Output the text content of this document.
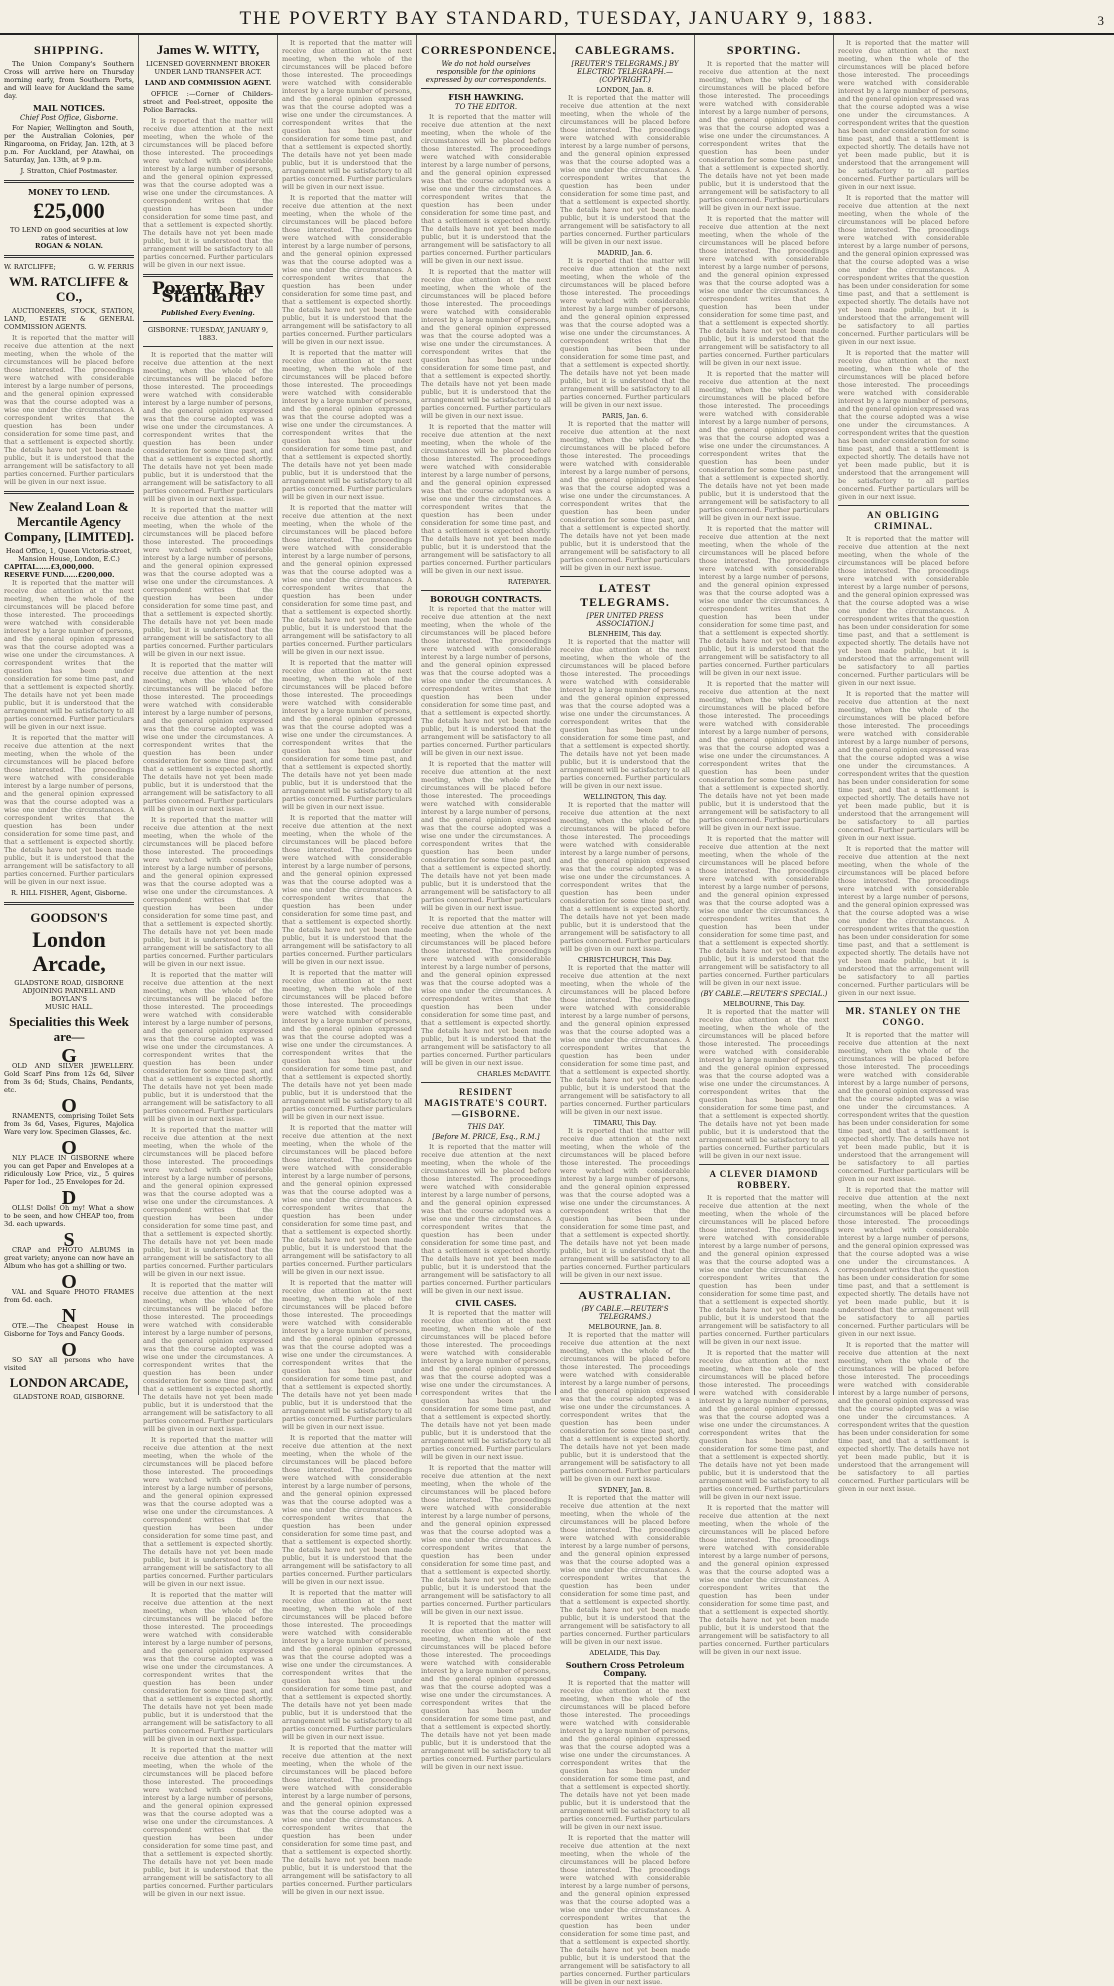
THE POVERTY BAY STANDARD, TUESDAY, JANUARY 9, 1883.	3
SHIPPING.
The Union Company's Southern Cross will arrive here on Thursday morning early, from Southern Ports, and will leave for Auckland the same day.
MAIL NOTICES.
Chief Post Office, Gisborne.
For Napier, Wellington and South, per the Australian Colonies, per Ringarooma, on Friday, Jan. 12th, at 3 p.m. For Auckland, per Atawhai, on Saturday, Jan. 13th, at 9 p.m.
J. Stratton, Chief Postmaster.
MONEY TO LEND.
£25,000
TO LEND on good securities at low rates of interest.
ROGAN & NOLAN.
W. RATCLIFFE;	G. W. FERRIS
WM. RATCLIFFE & CO.,
AUCTIONEERS, STOCK, STATION, LAND, ESTATE & GENERAL COMMISSION AGENTS.
It is reported that the matter will receive due attention at the next meeting, when the whole of the circumstances will be placed before those interested. The proceedings were watched with considerable interest by a large number of persons, and the general opinion expressed was that the course adopted was a wise one under the circumstances. A correspondent writes that the question has been under consideration for some time past, and that a settlement is expected shortly. The details have not yet been made public, but it is understood that the arrangement will be satisfactory to all parties concerned. Further particulars will be given in our next issue.
New Zealand Loan & Mercantile Agency Company, [LIMITED].
Head Office, 1, Queen Victoria-street, Mansion House, London, E.C.)
CAPITAL......£3,000,000.
RESERVE FUND......£200,000.
It is reported that the matter will receive due attention at the next meeting, when the whole of the circumstances will be placed before those interested. The proceedings were watched with considerable interest by a large number of persons, and the general opinion expressed was that the course adopted was a wise one under the circumstances. A correspondent writes that the question has been under consideration for some time past, and that a settlement is expected shortly. The details have not yet been made public, but it is understood that the arrangement will be satisfactory to all parties concerned. Further particulars will be given in our next issue.
It is reported that the matter will receive due attention at the next meeting, when the whole of the circumstances will be placed before those interested. The proceedings were watched with considerable interest by a large number of persons, and the general opinion expressed was that the course adopted was a wise one under the circumstances. A correspondent writes that the question has been under consideration for some time past, and that a settlement is expected shortly. The details have not yet been made public, but it is understood that the arrangement will be satisfactory to all parties concerned. Further particulars will be given in our next issue.
R. HILL FISHER, Agent, Gisborne.
GOODSON'S
London Arcade,
GLADSTONE ROAD, GISBORNE
ADJOINING PARNELL AND BOYLAN'S
MUSIC HALL.
Specialities this Week are—
G
OLD AND SILVER JEWELLERY. Gold Scarf Pins from 12s 6d, Silver from 3s 6d; Studs, Chains, Pendants, etc.
O
RNAMENTS, comprising Toilet Sets from 3s 6d, Vases, Figures, Majolica Ware very low. Specimen Glasses, &c.
O
NLY PLACE IN GISBORNE where you can get Paper and Envelopes at a ridiculously Low Price, viz., 5 quires Paper for 1od., 25 Envelopes for 2d.
D
OLLS! Dolls! Oh my! What a show to be seen, and how CHEAP too, from 3d. each upwards.
S
CRAP and PHOTO ALBUMS in great variety; anyone can now have an Album who has got a shilling or two.
O
VAL and Square PHOTO FRAMES from 6d. each.
N
OTE.—The Cheapest House in Gisborne for Toys and Fancy Goods.
O
SO SAY all persons who have visited
LONDON ARCADE,
GLADSTONE ROAD, GISBORNE.
James W. WITTY,
LICENSED GOVERNMENT BROKER UNDER LAND TRANSFER ACT.
LAND AND COMMISSION AGENT.
OFFICE :—Corner of Childers-street and Peel-street, opposite the Police Barracks.
It is reported that the matter will receive due attention at the next meeting, when the whole of the circumstances will be placed before those interested. The proceedings were watched with considerable interest by a large number of persons, and the general opinion expressed was that the course adopted was a wise one under the circumstances. A correspondent writes that the question has been under consideration for some time past, and that a settlement is expected shortly. The details have not yet been made public, but it is understood that the arrangement will be satisfactory to all parties concerned. Further particulars will be given in our next issue.
Poverty Bay Standard.
Published Every Evening.
GISBORNE: TUESDAY, JANUARY 9, 1883.
It is reported that the matter will receive due attention at the next meeting, when the whole of the circumstances will be placed before those interested. The proceedings were watched with considerable interest by a large number of persons, and the general opinion expressed was that the course adopted was a wise one under the circumstances. A correspondent writes that the question has been under consideration for some time past, and that a settlement is expected shortly. The details have not yet been made public, but it is understood that the arrangement will be satisfactory to all parties concerned. Further particulars will be given in our next issue.
It is reported that the matter will receive due attention at the next meeting, when the whole of the circumstances will be placed before those interested. The proceedings were watched with considerable interest by a large number of persons, and the general opinion expressed was that the course adopted was a wise one under the circumstances. A correspondent writes that the question has been under consideration for some time past, and that a settlement is expected shortly. The details have not yet been made public, but it is understood that the arrangement will be satisfactory to all parties concerned. Further particulars will be given in our next issue.
It is reported that the matter will receive due attention at the next meeting, when the whole of the circumstances will be placed before those interested. The proceedings were watched with considerable interest by a large number of persons, and the general opinion expressed was that the course adopted was a wise one under the circumstances. A correspondent writes that the question has been under consideration for some time past, and that a settlement is expected shortly. The details have not yet been made public, but it is understood that the arrangement will be satisfactory to all parties concerned. Further particulars will be given in our next issue.
It is reported that the matter will receive due attention at the next meeting, when the whole of the circumstances will be placed before those interested. The proceedings were watched with considerable interest by a large number of persons, and the general opinion expressed was that the course adopted was a wise one under the circumstances. A correspondent writes that the question has been under consideration for some time past, and that a settlement is expected shortly. The details have not yet been made public, but it is understood that the arrangement will be satisfactory to all parties concerned. Further particulars will be given in our next issue.
It is reported that the matter will receive due attention at the next meeting, when the whole of the circumstances will be placed before those interested. The proceedings were watched with considerable interest by a large number of persons, and the general opinion expressed was that the course adopted was a wise one under the circumstances. A correspondent writes that the question has been under consideration for some time past, and that a settlement is expected shortly. The details have not yet been made public, but it is understood that the arrangement will be satisfactory to all parties concerned. Further particulars will be given in our next issue.
It is reported that the matter will receive due attention at the next meeting, when the whole of the circumstances will be placed before those interested. The proceedings were watched with considerable interest by a large number of persons, and the general opinion expressed was that the course adopted was a wise one under the circumstances. A correspondent writes that the question has been under consideration for some time past, and that a settlement is expected shortly. The details have not yet been made public, but it is understood that the arrangement will be satisfactory to all parties concerned. Further particulars will be given in our next issue.
It is reported that the matter will receive due attention at the next meeting, when the whole of the circumstances will be placed before those interested. The proceedings were watched with considerable interest by a large number of persons, and the general opinion expressed was that the course adopted was a wise one under the circumstances. A correspondent writes that the question has been under consideration for some time past, and that a settlement is expected shortly. The details have not yet been made public, but it is understood that the arrangement will be satisfactory to all parties concerned. Further particulars will be given in our next issue.
It is reported that the matter will receive due attention at the next meeting, when the whole of the circumstances will be placed before those interested. The proceedings were watched with considerable interest by a large number of persons, and the general opinion expressed was that the course adopted was a wise one under the circumstances. A correspondent writes that the question has been under consideration for some time past, and that a settlement is expected shortly. The details have not yet been made public, but it is understood that the arrangement will be satisfactory to all parties concerned. Further particulars will be given in our next issue.
It is reported that the matter will receive due attention at the next meeting, when the whole of the circumstances will be placed before those interested. The proceedings were watched with considerable interest by a large number of persons, and the general opinion expressed was that the course adopted was a wise one under the circumstances. A correspondent writes that the question has been under consideration for some time past, and that a settlement is expected shortly. The details have not yet been made public, but it is understood that the arrangement will be satisfactory to all parties concerned. Further particulars will be given in our next issue.
It is reported that the matter will receive due attention at the next meeting, when the whole of the circumstances will be placed before those interested. The proceedings were watched with considerable interest by a large number of persons, and the general opinion expressed was that the course adopted was a wise one under the circumstances. A correspondent writes that the question has been under consideration for some time past, and that a settlement is expected shortly. The details have not yet been made public, but it is understood that the arrangement will be satisfactory to all parties concerned. Further particulars will be given in our next issue.
It is reported that the matter will receive due attention at the next meeting, when the whole of the circumstances will be placed before those interested. The proceedings were watched with considerable interest by a large number of persons, and the general opinion expressed was that the course adopted was a wise one under the circumstances. A correspondent writes that the question has been under consideration for some time past, and that a settlement is expected shortly. The details have not yet been made public, but it is understood that the arrangement will be satisfactory to all parties concerned. Further particulars will be given in our next issue.
It is reported that the matter will receive due attention at the next meeting, when the whole of the circumstances will be placed before those interested. The proceedings were watched with considerable interest by a large number of persons, and the general opinion expressed was that the course adopted was a wise one under the circumstances. A correspondent writes that the question has been under consideration for some time past, and that a settlement is expected shortly. The details have not yet been made public, but it is understood that the arrangement will be satisfactory to all parties concerned. Further particulars will be given in our next issue.
It is reported that the matter will receive due attention at the next meeting, when the whole of the circumstances will be placed before those interested. The proceedings were watched with considerable interest by a large number of persons, and the general opinion expressed was that the course adopted was a wise one under the circumstances. A correspondent writes that the question has been under consideration for some time past, and that a settlement is expected shortly. The details have not yet been made public, but it is understood that the arrangement will be satisfactory to all parties concerned. Further particulars will be given in our next issue.
It is reported that the matter will receive due attention at the next meeting, when the whole of the circumstances will be placed before those interested. The proceedings were watched with considerable interest by a large number of persons, and the general opinion expressed was that the course adopted was a wise one under the circumstances. A correspondent writes that the question has been under consideration for some time past, and that a settlement is expected shortly. The details have not yet been made public, but it is understood that the arrangement will be satisfactory to all parties concerned. Further particulars will be given in our next issue.
It is reported that the matter will receive due attention at the next meeting, when the whole of the circumstances will be placed before those interested. The proceedings were watched with considerable interest by a large number of persons, and the general opinion expressed was that the course adopted was a wise one under the circumstances. A correspondent writes that the question has been under consideration for some time past, and that a settlement is expected shortly. The details have not yet been made public, but it is understood that the arrangement will be satisfactory to all parties concerned. Further particulars will be given in our next issue.
It is reported that the matter will receive due attention at the next meeting, when the whole of the circumstances will be placed before those interested. The proceedings were watched with considerable interest by a large number of persons, and the general opinion expressed was that the course adopted was a wise one under the circumstances. A correspondent writes that the question has been under consideration for some time past, and that a settlement is expected shortly. The details have not yet been made public, but it is understood that the arrangement will be satisfactory to all parties concerned. Further particulars will be given in our next issue.
It is reported that the matter will receive due attention at the next meeting, when the whole of the circumstances will be placed before those interested. The proceedings were watched with considerable interest by a large number of persons, and the general opinion expressed was that the course adopted was a wise one under the circumstances. A correspondent writes that the question has been under consideration for some time past, and that a settlement is expected shortly. The details have not yet been made public, but it is understood that the arrangement will be satisfactory to all parties concerned. Further particulars will be given in our next issue.
It is reported that the matter will receive due attention at the next meeting, when the whole of the circumstances will be placed before those interested. The proceedings were watched with considerable interest by a large number of persons, and the general opinion expressed was that the course adopted was a wise one under the circumstances. A correspondent writes that the question has been under consideration for some time past, and that a settlement is expected shortly. The details have not yet been made public, but it is understood that the arrangement will be satisfactory to all parties concerned. Further particulars will be given in our next issue.
It is reported that the matter will receive due attention at the next meeting, when the whole of the circumstances will be placed before those interested. The proceedings were watched with considerable interest by a large number of persons, and the general opinion expressed was that the course adopted was a wise one under the circumstances. A correspondent writes that the question has been under consideration for some time past, and that a settlement is expected shortly. The details have not yet been made public, but it is understood that the arrangement will be satisfactory to all parties concerned. Further particulars will be given in our next issue.
It is reported that the matter will receive due attention at the next meeting, when the whole of the circumstances will be placed before those interested. The proceedings were watched with considerable interest by a large number of persons, and the general opinion expressed was that the course adopted was a wise one under the circumstances. A correspondent writes that the question has been under consideration for some time past, and that a settlement is expected shortly. The details have not yet been made public, but it is understood that the arrangement will be satisfactory to all parties concerned. Further particulars will be given in our next issue.
It is reported that the matter will receive due attention at the next meeting, when the whole of the circumstances will be placed before those interested. The proceedings were watched with considerable interest by a large number of persons, and the general opinion expressed was that the course adopted was a wise one under the circumstances. A correspondent writes that the question has been under consideration for some time past, and that a settlement is expected shortly. The details have not yet been made public, but it is understood that the arrangement will be satisfactory to all parties concerned. Further particulars will be given in our next issue.
It is reported that the matter will receive due attention at the next meeting, when the whole of the circumstances will be placed before those interested. The proceedings were watched with considerable interest by a large number of persons, and the general opinion expressed was that the course adopted was a wise one under the circumstances. A correspondent writes that the question has been under consideration for some time past, and that a settlement is expected shortly. The details have not yet been made public, but it is understood that the arrangement will be satisfactory to all parties concerned. Further particulars will be given in our next issue.
CORRESPONDENCE.
We do not hold ourselves responsible for the opinions expressed by our correspondents.
FISH HAWKING.
TO THE EDITOR.
It is reported that the matter will receive due attention at the next meeting, when the whole of the circumstances will be placed before those interested. The proceedings were watched with considerable interest by a large number of persons, and the general opinion expressed was that the course adopted was a wise one under the circumstances. A correspondent writes that the question has been under consideration for some time past, and that a settlement is expected shortly. The details have not yet been made public, but it is understood that the arrangement will be satisfactory to all parties concerned. Further particulars will be given in our next issue.
It is reported that the matter will receive due attention at the next meeting, when the whole of the circumstances will be placed before those interested. The proceedings were watched with considerable interest by a large number of persons, and the general opinion expressed was that the course adopted was a wise one under the circumstances. A correspondent writes that the question has been under consideration for some time past, and that a settlement is expected shortly. The details have not yet been made public, but it is understood that the arrangement will be satisfactory to all parties concerned. Further particulars will be given in our next issue.
It is reported that the matter will receive due attention at the next meeting, when the whole of the circumstances will be placed before those interested. The proceedings were watched with considerable interest by a large number of persons, and the general opinion expressed was that the course adopted was a wise one under the circumstances. A correspondent writes that the question has been under consideration for some time past, and that a settlement is expected shortly. The details have not yet been made public, but it is understood that the arrangement will be satisfactory to all parties concerned. Further particulars will be given in our next issue.
RATEPAYER.
BOROUGH CONTRACTS.
It is reported that the matter will receive due attention at the next meeting, when the whole of the circumstances will be placed before those interested. The proceedings were watched with considerable interest by a large number of persons, and the general opinion expressed was that the course adopted was a wise one under the circumstances. A correspondent writes that the question has been under consideration for some time past, and that a settlement is expected shortly. The details have not yet been made public, but it is understood that the arrangement will be satisfactory to all parties concerned. Further particulars will be given in our next issue.
It is reported that the matter will receive due attention at the next meeting, when the whole of the circumstances will be placed before those interested. The proceedings were watched with considerable interest by a large number of persons, and the general opinion expressed was that the course adopted was a wise one under the circumstances. A correspondent writes that the question has been under consideration for some time past, and that a settlement is expected shortly. The details have not yet been made public, but it is understood that the arrangement will be satisfactory to all parties concerned. Further particulars will be given in our next issue.
It is reported that the matter will receive due attention at the next meeting, when the whole of the circumstances will be placed before those interested. The proceedings were watched with considerable interest by a large number of persons, and the general opinion expressed was that the course adopted was a wise one under the circumstances. A correspondent writes that the question has been under consideration for some time past, and that a settlement is expected shortly. The details have not yet been made public, but it is understood that the arrangement will be satisfactory to all parties concerned. Further particulars will be given in our next issue.
CHARLES McDAVITT.
RESIDENT MAGISTRATE'S COURT.—GISBORNE.
THIS DAY.
[Before M. PRICE, Esq., R.M.]
It is reported that the matter will receive due attention at the next meeting, when the whole of the circumstances will be placed before those interested. The proceedings were watched with considerable interest by a large number of persons, and the general opinion expressed was that the course adopted was a wise one under the circumstances. A correspondent writes that the question has been under consideration for some time past, and that a settlement is expected shortly. The details have not yet been made public, but it is understood that the arrangement will be satisfactory to all parties concerned. Further particulars will be given in our next issue.
CIVIL CASES.
It is reported that the matter will receive due attention at the next meeting, when the whole of the circumstances will be placed before those interested. The proceedings were watched with considerable interest by a large number of persons, and the general opinion expressed was that the course adopted was a wise one under the circumstances. A correspondent writes that the question has been under consideration for some time past, and that a settlement is expected shortly. The details have not yet been made public, but it is understood that the arrangement will be satisfactory to all parties concerned. Further particulars will be given in our next issue.
It is reported that the matter will receive due attention at the next meeting, when the whole of the circumstances will be placed before those interested. The proceedings were watched with considerable interest by a large number of persons, and the general opinion expressed was that the course adopted was a wise one under the circumstances. A correspondent writes that the question has been under consideration for some time past, and that a settlement is expected shortly. The details have not yet been made public, but it is understood that the arrangement will be satisfactory to all parties concerned. Further particulars will be given in our next issue.
It is reported that the matter will receive due attention at the next meeting, when the whole of the circumstances will be placed before those interested. The proceedings were watched with considerable interest by a large number of persons, and the general opinion expressed was that the course adopted was a wise one under the circumstances. A correspondent writes that the question has been under consideration for some time past, and that a settlement is expected shortly. The details have not yet been made public, but it is understood that the arrangement will be satisfactory to all parties concerned. Further particulars will be given in our next issue.
CABLEGRAMS.
[REUTER'S TELEGRAMS.] BY ELECTRIC TELEGRAPH.—(COPYRIGHT.)
LONDON, Jan. 8.
It is reported that the matter will receive due attention at the next meeting, when the whole of the circumstances will be placed before those interested. The proceedings were watched with considerable interest by a large number of persons, and the general opinion expressed was that the course adopted was a wise one under the circumstances. A correspondent writes that the question has been under consideration for some time past, and that a settlement is expected shortly. The details have not yet been made public, but it is understood that the arrangement will be satisfactory to all parties concerned. Further particulars will be given in our next issue.
MADRID, Jan. 6.
It is reported that the matter will receive due attention at the next meeting, when the whole of the circumstances will be placed before those interested. The proceedings were watched with considerable interest by a large number of persons, and the general opinion expressed was that the course adopted was a wise one under the circumstances. A correspondent writes that the question has been under consideration for some time past, and that a settlement is expected shortly. The details have not yet been made public, but it is understood that the arrangement will be satisfactory to all parties concerned. Further particulars will be given in our next issue.
PARIS, Jan. 6.
It is reported that the matter will receive due attention at the next meeting, when the whole of the circumstances will be placed before those interested. The proceedings were watched with considerable interest by a large number of persons, and the general opinion expressed was that the course adopted was a wise one under the circumstances. A correspondent writes that the question has been under consideration for some time past, and that a settlement is expected shortly. The details have not yet been made public, but it is understood that the arrangement will be satisfactory to all parties concerned. Further particulars will be given in our next issue.
LATEST TELEGRAMS.
[PER UNITED PRESS ASSOCIATION.]
BLENHEIM, This day.
It is reported that the matter will receive due attention at the next meeting, when the whole of the circumstances will be placed before those interested. The proceedings were watched with considerable interest by a large number of persons, and the general opinion expressed was that the course adopted was a wise one under the circumstances. A correspondent writes that the question has been under consideration for some time past, and that a settlement is expected shortly. The details have not yet been made public, but it is understood that the arrangement will be satisfactory to all parties concerned. Further particulars will be given in our next issue.
WELLINGTON, This day.
It is reported that the matter will receive due attention at the next meeting, when the whole of the circumstances will be placed before those interested. The proceedings were watched with considerable interest by a large number of persons, and the general opinion expressed was that the course adopted was a wise one under the circumstances. A correspondent writes that the question has been under consideration for some time past, and that a settlement is expected shortly. The details have not yet been made public, but it is understood that the arrangement will be satisfactory to all parties concerned. Further particulars will be given in our next issue.
CHRISTCHURCH, This Day.
It is reported that the matter will receive due attention at the next meeting, when the whole of the circumstances will be placed before those interested. The proceedings were watched with considerable interest by a large number of persons, and the general opinion expressed was that the course adopted was a wise one under the circumstances. A correspondent writes that the question has been under consideration for some time past, and that a settlement is expected shortly. The details have not yet been made public, but it is understood that the arrangement will be satisfactory to all parties concerned. Further particulars will be given in our next issue.
TIMARU, This Day.
It is reported that the matter will receive due attention at the next meeting, when the whole of the circumstances will be placed before those interested. The proceedings were watched with considerable interest by a large number of persons, and the general opinion expressed was that the course adopted was a wise one under the circumstances. A correspondent writes that the question has been under consideration for some time past, and that a settlement is expected shortly. The details have not yet been made public, but it is understood that the arrangement will be satisfactory to all parties concerned. Further particulars will be given in our next issue.
AUSTRALIAN.
(BY CABLE.—REUTER'S TELEGRAMS.)
MELBOURNE, Jan. 8.
It is reported that the matter will receive due attention at the next meeting, when the whole of the circumstances will be placed before those interested. The proceedings were watched with considerable interest by a large number of persons, and the general opinion expressed was that the course adopted was a wise one under the circumstances. A correspondent writes that the question has been under consideration for some time past, and that a settlement is expected shortly. The details have not yet been made public, but it is understood that the arrangement will be satisfactory to all parties concerned. Further particulars will be given in our next issue.
SYDNEY, Jan. 8.
It is reported that the matter will receive due attention at the next meeting, when the whole of the circumstances will be placed before those interested. The proceedings were watched with considerable interest by a large number of persons, and the general opinion expressed was that the course adopted was a wise one under the circumstances. A correspondent writes that the question has been under consideration for some time past, and that a settlement is expected shortly. The details have not yet been made public, but it is understood that the arrangement will be satisfactory to all parties concerned. Further particulars will be given in our next issue.
ADELAIDE, This Day.
Southern Cross Petroleum Company.
It is reported that the matter will receive due attention at the next meeting, when the whole of the circumstances will be placed before those interested. The proceedings were watched with considerable interest by a large number of persons, and the general opinion expressed was that the course adopted was a wise one under the circumstances. A correspondent writes that the question has been under consideration for some time past, and that a settlement is expected shortly. The details have not yet been made public, but it is understood that the arrangement will be satisfactory to all parties concerned. Further particulars will be given in our next issue.
It is reported that the matter will receive due attention at the next meeting, when the whole of the circumstances will be placed before those interested. The proceedings were watched with considerable interest by a large number of persons, and the general opinion expressed was that the course adopted was a wise one under the circumstances. A correspondent writes that the question has been under consideration for some time past, and that a settlement is expected shortly. The details have not yet been made public, but it is understood that the arrangement will be satisfactory to all parties concerned. Further particulars will be given in our next issue.
SPORTING.
It is reported that the matter will receive due attention at the next meeting, when the whole of the circumstances will be placed before those interested. The proceedings were watched with considerable interest by a large number of persons, and the general opinion expressed was that the course adopted was a wise one under the circumstances. A correspondent writes that the question has been under consideration for some time past, and that a settlement is expected shortly. The details have not yet been made public, but it is understood that the arrangement will be satisfactory to all parties concerned. Further particulars will be given in our next issue.
It is reported that the matter will receive due attention at the next meeting, when the whole of the circumstances will be placed before those interested. The proceedings were watched with considerable interest by a large number of persons, and the general opinion expressed was that the course adopted was a wise one under the circumstances. A correspondent writes that the question has been under consideration for some time past, and that a settlement is expected shortly. The details have not yet been made public, but it is understood that the arrangement will be satisfactory to all parties concerned. Further particulars will be given in our next issue.
It is reported that the matter will receive due attention at the next meeting, when the whole of the circumstances will be placed before those interested. The proceedings were watched with considerable interest by a large number of persons, and the general opinion expressed was that the course adopted was a wise one under the circumstances. A correspondent writes that the question has been under consideration for some time past, and that a settlement is expected shortly. The details have not yet been made public, but it is understood that the arrangement will be satisfactory to all parties concerned. Further particulars will be given in our next issue.
It is reported that the matter will receive due attention at the next meeting, when the whole of the circumstances will be placed before those interested. The proceedings were watched with considerable interest by a large number of persons, and the general opinion expressed was that the course adopted was a wise one under the circumstances. A correspondent writes that the question has been under consideration for some time past, and that a settlement is expected shortly. The details have not yet been made public, but it is understood that the arrangement will be satisfactory to all parties concerned. Further particulars will be given in our next issue.
It is reported that the matter will receive due attention at the next meeting, when the whole of the circumstances will be placed before those interested. The proceedings were watched with considerable interest by a large number of persons, and the general opinion expressed was that the course adopted was a wise one under the circumstances. A correspondent writes that the question has been under consideration for some time past, and that a settlement is expected shortly. The details have not yet been made public, but it is understood that the arrangement will be satisfactory to all parties concerned. Further particulars will be given in our next issue.
It is reported that the matter will receive due attention at the next meeting, when the whole of the circumstances will be placed before those interested. The proceedings were watched with considerable interest by a large number of persons, and the general opinion expressed was that the course adopted was a wise one under the circumstances. A correspondent writes that the question has been under consideration for some time past, and that a settlement is expected shortly. The details have not yet been made public, but it is understood that the arrangement will be satisfactory to all parties concerned. Further particulars will be given in our next issue.
(BY CABLE.—REUTER'S SPECIAL.)
MELBOURNE, This Day.
It is reported that the matter will receive due attention at the next meeting, when the whole of the circumstances will be placed before those interested. The proceedings were watched with considerable interest by a large number of persons, and the general opinion expressed was that the course adopted was a wise one under the circumstances. A correspondent writes that the question has been under consideration for some time past, and that a settlement is expected shortly. The details have not yet been made public, but it is understood that the arrangement will be satisfactory to all parties concerned. Further particulars will be given in our next issue.
A CLEVER DIAMOND ROBBERY.
It is reported that the matter will receive due attention at the next meeting, when the whole of the circumstances will be placed before those interested. The proceedings were watched with considerable interest by a large number of persons, and the general opinion expressed was that the course adopted was a wise one under the circumstances. A correspondent writes that the question has been under consideration for some time past, and that a settlement is expected shortly. The details have not yet been made public, but it is understood that the arrangement will be satisfactory to all parties concerned. Further particulars will be given in our next issue.
It is reported that the matter will receive due attention at the next meeting, when the whole of the circumstances will be placed before those interested. The proceedings were watched with considerable interest by a large number of persons, and the general opinion expressed was that the course adopted was a wise one under the circumstances. A correspondent writes that the question has been under consideration for some time past, and that a settlement is expected shortly. The details have not yet been made public, but it is understood that the arrangement will be satisfactory to all parties concerned. Further particulars will be given in our next issue.
It is reported that the matter will receive due attention at the next meeting, when the whole of the circumstances will be placed before those interested. The proceedings were watched with considerable interest by a large number of persons, and the general opinion expressed was that the course adopted was a wise one under the circumstances. A correspondent writes that the question has been under consideration for some time past, and that a settlement is expected shortly. The details have not yet been made public, but it is understood that the arrangement will be satisfactory to all parties concerned. Further particulars will be given in our next issue.
It is reported that the matter will receive due attention at the next meeting, when the whole of the circumstances will be placed before those interested. The proceedings were watched with considerable interest by a large number of persons, and the general opinion expressed was that the course adopted was a wise one under the circumstances. A correspondent writes that the question has been under consideration for some time past, and that a settlement is expected shortly. The details have not yet been made public, but it is understood that the arrangement will be satisfactory to all parties concerned. Further particulars will be given in our next issue.
It is reported that the matter will receive due attention at the next meeting, when the whole of the circumstances will be placed before those interested. The proceedings were watched with considerable interest by a large number of persons, and the general opinion expressed was that the course adopted was a wise one under the circumstances. A correspondent writes that the question has been under consideration for some time past, and that a settlement is expected shortly. The details have not yet been made public, but it is understood that the arrangement will be satisfactory to all parties concerned. Further particulars will be given in our next issue.
It is reported that the matter will receive due attention at the next meeting, when the whole of the circumstances will be placed before those interested. The proceedings were watched with considerable interest by a large number of persons, and the general opinion expressed was that the course adopted was a wise one under the circumstances. A correspondent writes that the question has been under consideration for some time past, and that a settlement is expected shortly. The details have not yet been made public, but it is understood that the arrangement will be satisfactory to all parties concerned. Further particulars will be given in our next issue.
AN OBLIGING CRIMINAL.
It is reported that the matter will receive due attention at the next meeting, when the whole of the circumstances will be placed before those interested. The proceedings were watched with considerable interest by a large number of persons, and the general opinion expressed was that the course adopted was a wise one under the circumstances. A correspondent writes that the question has been under consideration for some time past, and that a settlement is expected shortly. The details have not yet been made public, but it is understood that the arrangement will be satisfactory to all parties concerned. Further particulars will be given in our next issue.
It is reported that the matter will receive due attention at the next meeting, when the whole of the circumstances will be placed before those interested. The proceedings were watched with considerable interest by a large number of persons, and the general opinion expressed was that the course adopted was a wise one under the circumstances. A correspondent writes that the question has been under consideration for some time past, and that a settlement is expected shortly. The details have not yet been made public, but it is understood that the arrangement will be satisfactory to all parties concerned. Further particulars will be given in our next issue.
It is reported that the matter will receive due attention at the next meeting, when the whole of the circumstances will be placed before those interested. The proceedings were watched with considerable interest by a large number of persons, and the general opinion expressed was that the course adopted was a wise one under the circumstances. A correspondent writes that the question has been under consideration for some time past, and that a settlement is expected shortly. The details have not yet been made public, but it is understood that the arrangement will be satisfactory to all parties concerned. Further particulars will be given in our next issue.
MR. STANLEY ON THE CONGO.
It is reported that the matter will receive due attention at the next meeting, when the whole of the circumstances will be placed before those interested. The proceedings were watched with considerable interest by a large number of persons, and the general opinion expressed was that the course adopted was a wise one under the circumstances. A correspondent writes that the question has been under consideration for some time past, and that a settlement is expected shortly. The details have not yet been made public, but it is understood that the arrangement will be satisfactory to all parties concerned. Further particulars will be given in our next issue.
It is reported that the matter will receive due attention at the next meeting, when the whole of the circumstances will be placed before those interested. The proceedings were watched with considerable interest by a large number of persons, and the general opinion expressed was that the course adopted was a wise one under the circumstances. A correspondent writes that the question has been under consideration for some time past, and that a settlement is expected shortly. The details have not yet been made public, but it is understood that the arrangement will be satisfactory to all parties concerned. Further particulars will be given in our next issue.
It is reported that the matter will receive due attention at the next meeting, when the whole of the circumstances will be placed before those interested. The proceedings were watched with considerable interest by a large number of persons, and the general opinion expressed was that the course adopted was a wise one under the circumstances. A correspondent writes that the question has been under consideration for some time past, and that a settlement is expected shortly. The details have not yet been made public, but it is understood that the arrangement will be satisfactory to all parties concerned. Further particulars will be given in our next issue.
